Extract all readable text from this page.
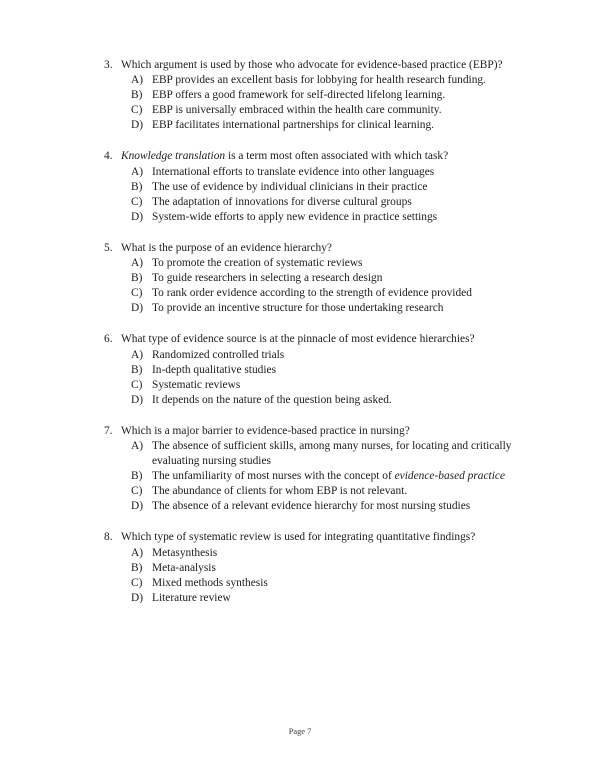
3. Which argument is used by those who advocate for evidence-based practice (EBP)?
A) EBP provides an excellent basis for lobbying for health research funding.
B) EBP offers a good framework for self-directed lifelong learning.
C) EBP is universally embraced within the health care community.
D) EBP facilitates international partnerships for clinical learning.
4. Knowledge translation is a term most often associated with which task?
A) International efforts to translate evidence into other languages
B) The use of evidence by individual clinicians in their practice
C) The adaptation of innovations for diverse cultural groups
D) System-wide efforts to apply new evidence in practice settings
5. What is the purpose of an evidence hierarchy?
A) To promote the creation of systematic reviews
B) To guide researchers in selecting a research design
C) To rank order evidence according to the strength of evidence provided
D) To provide an incentive structure for those undertaking research
6. What type of evidence source is at the pinnacle of most evidence hierarchies?
A) Randomized controlled trials
B) In-depth qualitative studies
C) Systematic reviews
D) It depends on the nature of the question being asked.
7. Which is a major barrier to evidence-based practice in nursing?
A) The absence of sufficient skills, among many nurses, for locating and critically evaluating nursing studies
B) The unfamiliarity of most nurses with the concept of evidence-based practice
C) The abundance of clients for whom EBP is not relevant.
D) The absence of a relevant evidence hierarchy for most nursing studies
8. Which type of systematic review is used for integrating quantitative findings?
A) Metasynthesis
B) Meta-analysis
C) Mixed methods synthesis
D) Literature review
Page 7
